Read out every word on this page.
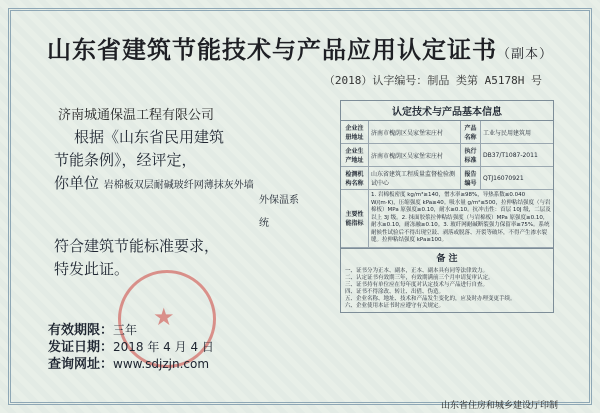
山东省建筑节能技术与产品应用认定证书（副本）
（2018）认字编号：制品 类第 A5178H 号
济南城通保温工程有限公司
根据《山东省民用建筑
节能条例》，经评定，
你单位 岩棉板双层耐碱玻纤网薄抹灰外墙
外保温系统
符合建筑节能标准要求，
特发此证。
★
有效期限：三年
发证日期：2018 年 4 月 4 日
查询网址：www.sdjzjn.com
认定技术与产品基本信息
企业注册地址
济南市槐荫区吴家堡宋庄村
产品名称
工业与民用建筑用
企业生产地址
济南市槐荫区吴家堡宋庄村
执行标准
DB37/T1087-2011
检测机构名称
山东省建筑工程质量监督检验测试中心
报告编号
QTJ16070921
主要性能指标
1. 岩棉板密度 kg/m³≥140，憎水率≥98%，导热系数≤0.040 W/(m·K)，压缩强度 kPa≥40。吸水量 g/m²≤500，拉伸粘结强度（与岩棉板）MPa 原强度≥0.10，耐水≥0.10。抗冲击性：首层 10J 级，二层及以上 3J 级。2. 抹面胶浆拉伸粘结强度（与岩棉板）MPa 原强度≥0.10，耐水≥0.10，耐冻融≥0.10。3. 玻纤网耐碱断裂强力保留率≥75%。系统耐候性试验后不得出现空鼓、剥落或脱落、开裂等破坏，不得产生渗水裂缝。拉伸粘结强度 kPa≥100。
备 注
一、证书分为正本、副本，正本、副本具有同等法律效力。
二、认定证书有效期三年，有效期满前三个月申请复审认定。
三、证书持有单位应在每年度对认定技术与产品进行自查。
四、证书不得涂改、转让、出借、伪造。
五、企业名称、地址、技术和产品发生变化的，应及时办理变更手续。
六、企业使用本证书时应遵守有关规定。
山东省住房和城乡建设厅印制
